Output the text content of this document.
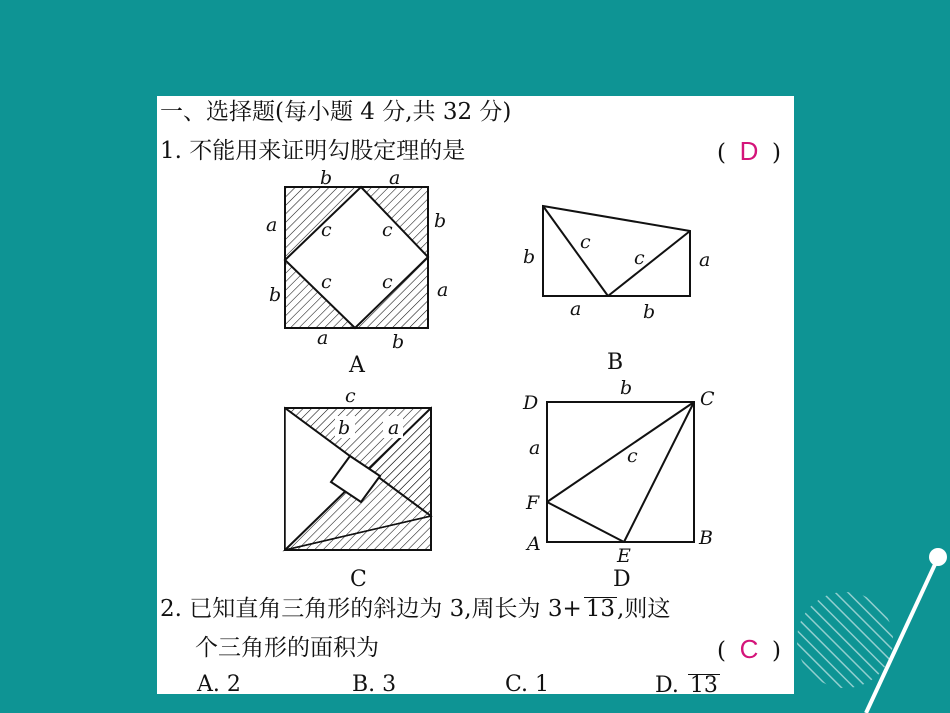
一、选择题(每小题 4 分,共 32 分)
1. 不能用来证明勾股定理的是	( D )
b	a
a
b
b
a
a	b
c	c
c	c
A
b	a
a	b
c
c
B
c
b a
C
D	C
A	B
E
F
b
a	c
D
2. 已知直角三角形的斜边为 3,周长为 3+ 13,则这
个三角形的面积为	( C )
A. 2	B. 3	C. 1	D. 13
